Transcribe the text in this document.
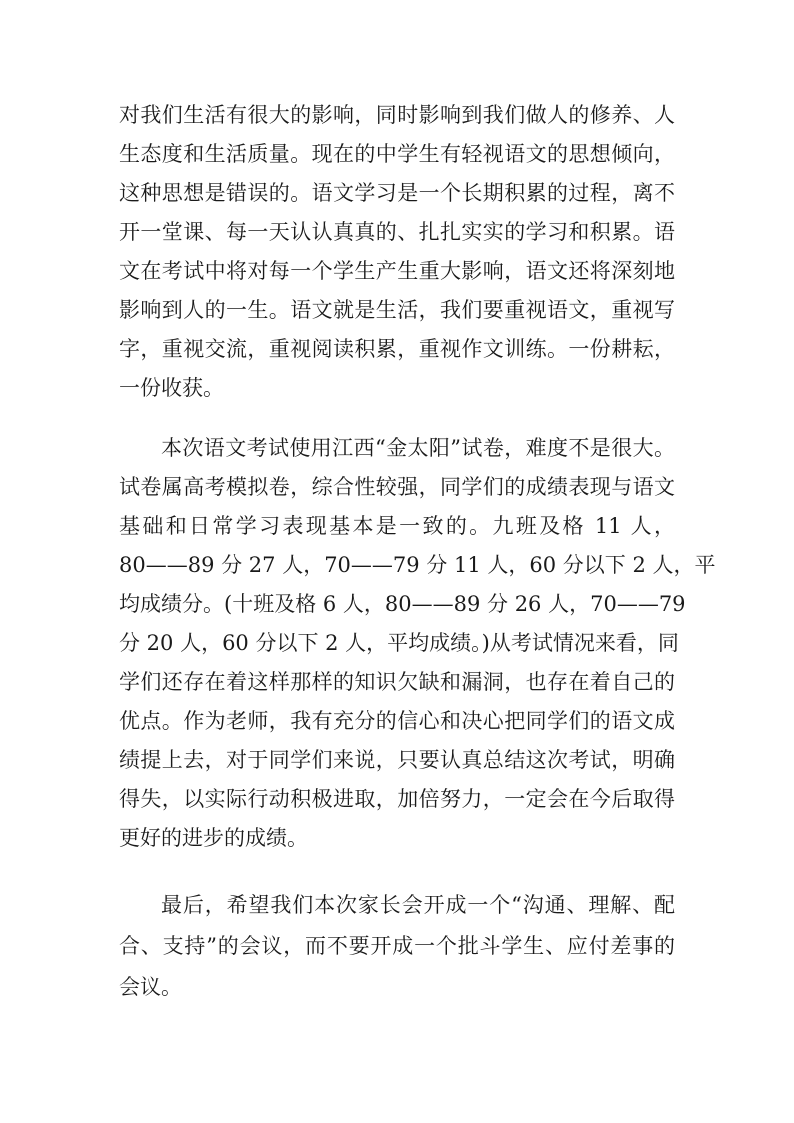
对我们生活有很大的影响，同时影响到我们做人的修养、人
生态度和生活质量。现在的中学生有轻视语文的思想倾向，
这种思想是错误的。语文学习是一个长期积累的过程，离不
开一堂课、每一天认认真真的、扎扎实实的学习和积累。语
文在考试中将对每一个学生产生重大影响，语文还将深刻地
影响到人的一生。语文就是生活，我们要重视语文，重视写
字，重视交流，重视阅读积累，重视作文训练。一份耕耘，
一份收获。
本次语文考试使用江西“金太阳”试卷，难度不是很大。
试卷属高考模拟卷，综合性较强，同学们的成绩表现与语文
基础和日常学习表现基本是一致的。九班及格 11 人，
80——89 分 27 人，70——79 分 11 人，60 分以下 2 人，平
均成绩分。(十班及格 6 人，80——89 分 26 人，70——79
分 20 人，60 分以下 2 人，平均成绩。)从考试情况来看，同
学们还存在着这样那样的知识欠缺和漏洞，也存在着自己的
优点。作为老师，我有充分的信心和决心把同学们的语文成
绩提上去，对于同学们来说，只要认真总结这次考试，明确
得失，以实际行动积极进取，加倍努力，一定会在今后取得
更好的进步的成绩。
最后，希望我们本次家长会开成一个“沟通、理解、配
合、支持”的会议，而不要开成一个批斗学生、应付差事的
会议。
